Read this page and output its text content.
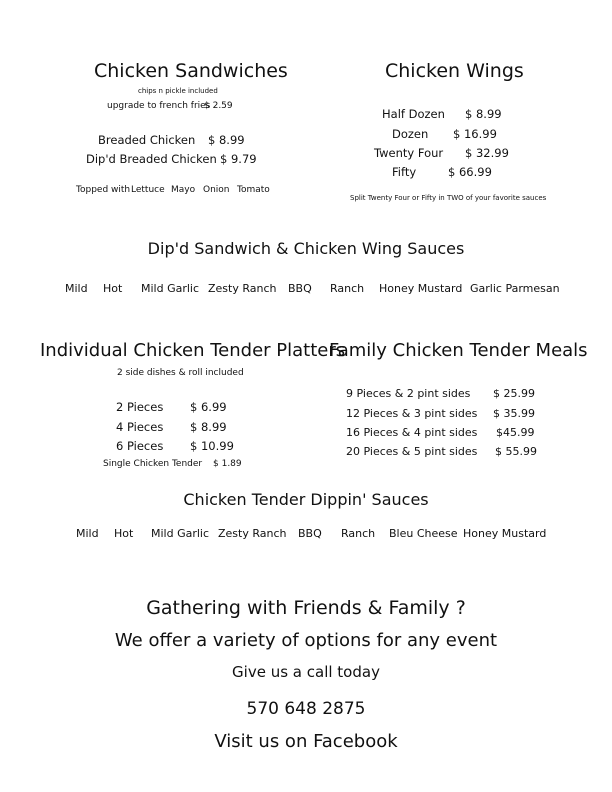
Chicken Sandwiches
chips n pickle included
upgrade to french fries
$ 2.59
Breaded Chicken $ 8.99
Dip'd Breaded Chicken $ 9.79
Topped with Lettuce Mayo Onion Tomato
Chicken Wings
Half Dozen $ 8.99
Dozen $ 16.99
Twenty Four $ 32.99
Fifty	$ 66.99
Split Twenty Four or Fifty in TWO of your favorite sauces
Dip'd Sandwich & Chicken Wing Sauces
Mild Hot Mild Garlic Zesty Ranch BBQ Ranch Honey Mustard Garlic Parmesan
Individual Chicken Tender Platters
2 side dishes & roll included
2 Pieces $ 6.99
4 Pieces $ 8.99
6 Pieces $ 10.99
Single Chicken Tender $ 1.89
Family Chicken Tender Meals
9 Pieces & 2 pint sides $ 25.99
12 Pieces & 3 pint sides $ 35.99
16 Pieces & 4 pint sides $45.99
20 Pieces & 5 pint sides $ 55.99
Chicken Tender Dippin' Sauces
Mild Hot Mild Garlic Zesty Ranch BBQ Ranch Bleu Cheese Honey Mustard
Gathering with Friends & Family ?
We offer a variety of options for any event
Give us a call today
570 648 2875
Visit us on Facebook
